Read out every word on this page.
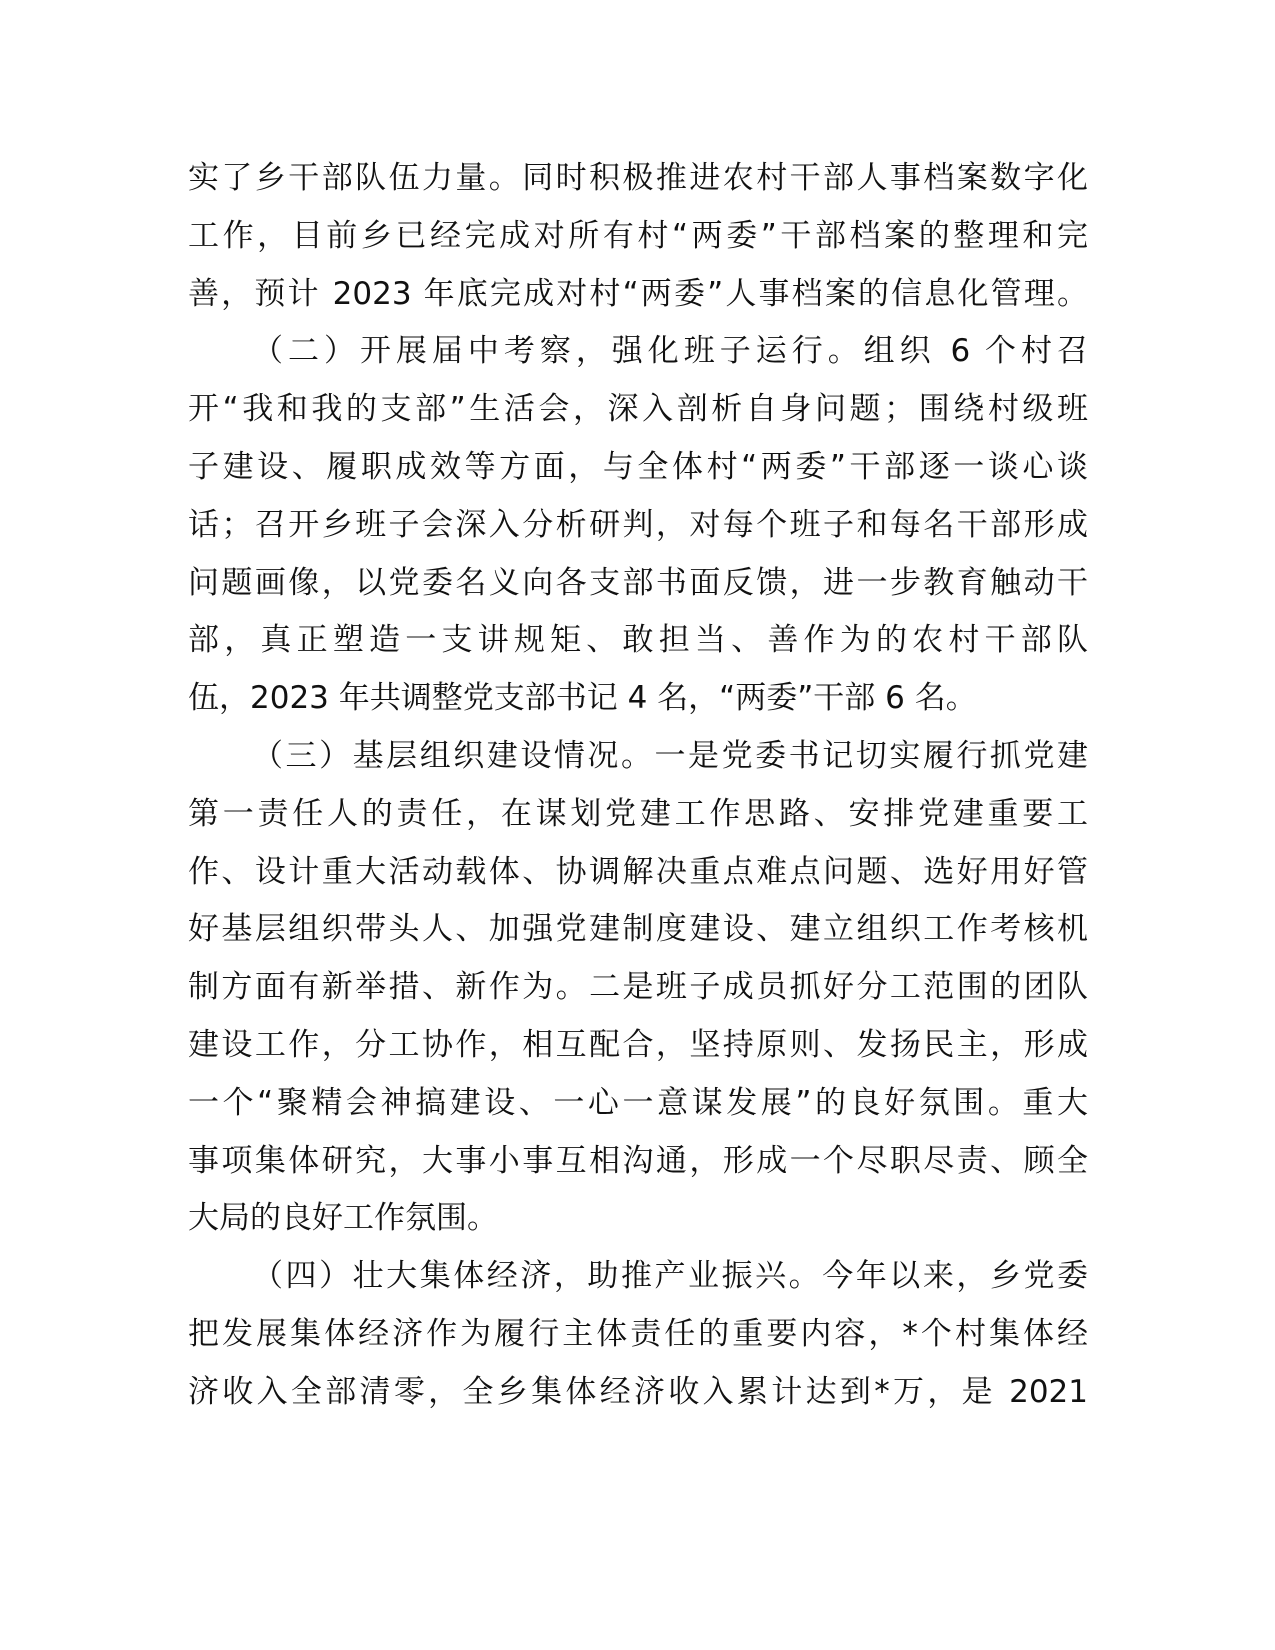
实了乡干部队伍力量。同时积极推进农村干部人事档案数字化
工作，目前乡已经完成对所有村“两委”干部档案的整理和完
善，预计 2023 年底完成对村“两委”人事档案的信息化管理。
（二）开展届中考察，强化班子运行。组织 6 个村召
开“我和我的支部”生活会，深入剖析自身问题；围绕村级班
子建设、履职成效等方面，与全体村“两委”干部逐一谈心谈
话；召开乡班子会深入分析研判，对每个班子和每名干部形成
问题画像，以党委名义向各支部书面反馈，进一步教育触动干
部，真正塑造一支讲规矩、敢担当、善作为的农村干部队
伍，2023 年共调整党支部书记 4 名，“两委”干部 6 名。
（三）基层组织建设情况。一是党委书记切实履行抓党建
第一责任人的责任，在谋划党建工作思路、安排党建重要工
作、设计重大活动载体、协调解决重点难点问题、选好用好管
好基层组织带头人、加强党建制度建设、建立组织工作考核机
制方面有新举措、新作为。二是班子成员抓好分工范围的团队
建设工作，分工协作，相互配合，坚持原则、发扬民主，形成
一个“聚精会神搞建设、一心一意谋发展”的良好氛围。重大
事项集体研究，大事小事互相沟通，形成一个尽职尽责、顾全
大局的良好工作氛围。
（四）壮大集体经济，助推产业振兴。今年以来，乡党委
把发展集体经济作为履行主体责任的重要内容，*个村集体经
济收入全部清零，全乡集体经济收入累计达到*万，是 2021
